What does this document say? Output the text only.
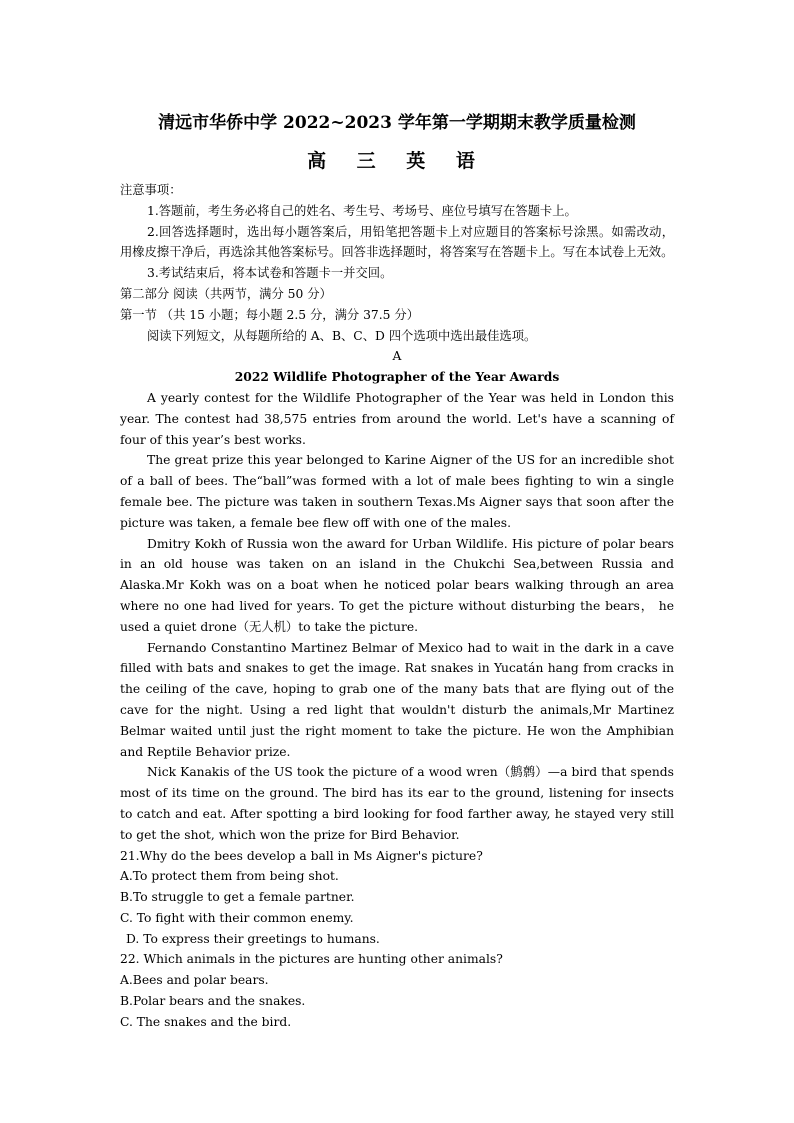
清远市华侨中学 2022~2023 学年第一学期期末教学质量检测
高 三 英 语

注意事项：

1.答题前，考生务必将自己的姓名、考生号、考场号、座位号填写在答题卡上。

2.回答选择题时，选出每小题答案后，用铅笔把答题卡上对应题目的答案标号涂黑。如需改动，用橡皮擦干净后，再选涂其他答案标号。回答非选择题时，将答案写在答题卡上。写在本试卷上无效。

3.考试结束后，将本试卷和答题卡一并交回。

第二部分 阅读（共两节，满分 50 分）

第一节 （共 15 小题；每小题 2.5 分，满分 37.5 分）

阅读下列短文，从每题所给的 A、B、C、D 四个选项中选出最佳选项。

A

2022 Wildlife Photographer of the Year Awards

A yearly contest for the Wildlife Photographer of the Year was held in London this year. The contest had 38,575 entries from around the world. Let's have a scanning of four of this year’s best works.

The great prize this year belonged to Karine Aigner of the US for an incredible shot of a ball of bees. The“ball”was formed with a lot of male bees fighting to win a single female bee. The picture was taken in southern Texas.Ms Aigner says that soon after the picture was taken, a female bee flew off with one of the males.

Dmitry Kokh of Russia won the award for Urban Wildlife. His picture of polar bears in an old house was taken on an island in the Chukchi Sea,between Russia and Alaska.Mr Kokh was on a boat when he noticed polar bears walking through an area where no one had lived for years. To get the picture without disturbing the bears， he used a quiet drone（无人机）to take the picture.

Fernando Constantino Martinez Belmar of Mexico had to wait in the dark in a cave filled with bats and snakes to get the image. Rat snakes in Yucatán hang from cracks in the ceiling of the cave, hoping to grab one of the many bats that are flying out of the cave for the night. Using a red light that wouldn't disturb the animals,Mr Martinez Belmar waited until just the right moment to take the picture. He won the Amphibian and Reptile Behavior prize.

Nick Kanakis of the US took the picture of a wood wren（鹪鹩）—a bird that spends most of its time on the ground. The bird has its ear to the ground, listening for insects to catch and eat. After spotting a bird looking for food farther away, he stayed very still to get the shot, which won the prize for Bird Behavior.

21.Why do the bees develop a ball in Ms Aigner's picture?

A.To protect them from being shot.

B.To struggle to get a female partner.

C. To fight with their common enemy.

D. To express their greetings to humans.

22. Which animals in the pictures are hunting other animals?

A.Bees and polar bears.

B.Polar bears and the snakes.

C. The snakes and the bird.
